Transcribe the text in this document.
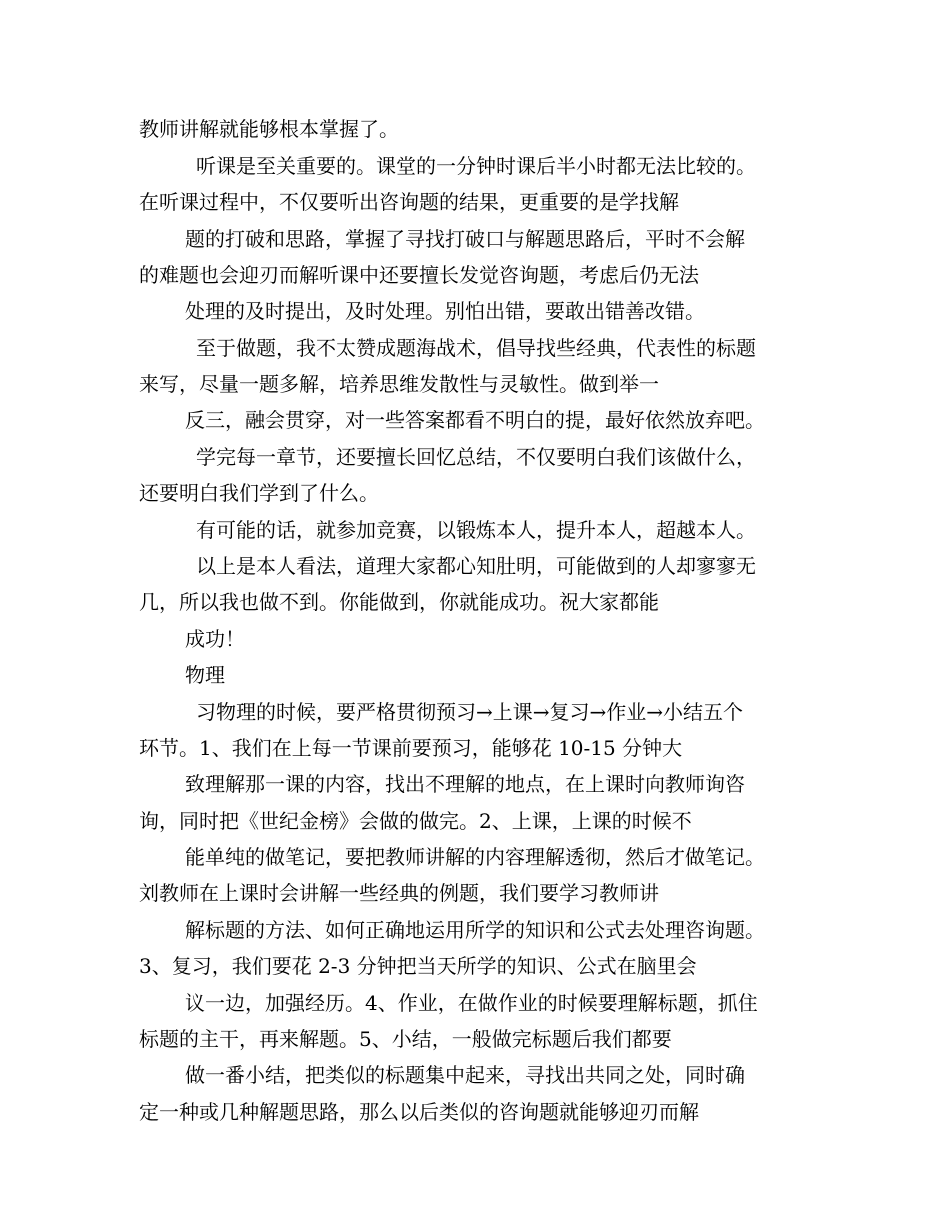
教师讲解就能够根本掌握了。
听课是至关重要的。课堂的一分钟时课后半小时都无法比较的。
在听课过程中，不仅要听出咨询题的结果，更重要的是学找解
题的打破和思路，掌握了寻找打破口与解题思路后，平时不会解
的难题也会迎刃而解听课中还要擅长发觉咨询题，考虑后仍无法
处理的及时提出，及时处理。别怕出错，要敢出错善改错。
至于做题，我不太赞成题海战术，倡导找些经典，代表性的标题
来写，尽量一题多解，培养思维发散性与灵敏性。做到举一
反三，融会贯穿，对一些答案都看不明白的提，最好依然放弃吧。
学完每一章节，还要擅长回忆总结，不仅要明白我们该做什么，
还要明白我们学到了什么。
有可能的话，就参加竞赛，以锻炼本人，提升本人，超越本人。
以上是本人看法，道理大家都心知肚明，可能做到的人却寥寥无
几，所以我也做不到。你能做到，你就能成功。祝大家都能
成功！
物理
习物理的时候，要严格贯彻预习→上课→复习→作业→小结五个
环节。1、我们在上每一节课前要预习，能够花 10-15 分钟大
致理解那一课的内容，找出不理解的地点，在上课时向教师询咨
询，同时把《世纪金榜》会做的做完。2、上课，上课的时候不
能单纯的做笔记，要把教师讲解的内容理解透彻，然后才做笔记。
刘教师在上课时会讲解一些经典的例题，我们要学习教师讲
解标题的方法、如何正确地运用所学的知识和公式去处理咨询题。
3、复习，我们要花 2-3 分钟把当天所学的知识、公式在脑里会
议一边，加强经历。4、作业，在做作业的时候要理解标题，抓住
标题的主干，再来解题。5、小结，一般做完标题后我们都要
做一番小结，把类似的标题集中起来，寻找出共同之处，同时确
定一种或几种解题思路，那么以后类似的咨询题就能够迎刃而解
